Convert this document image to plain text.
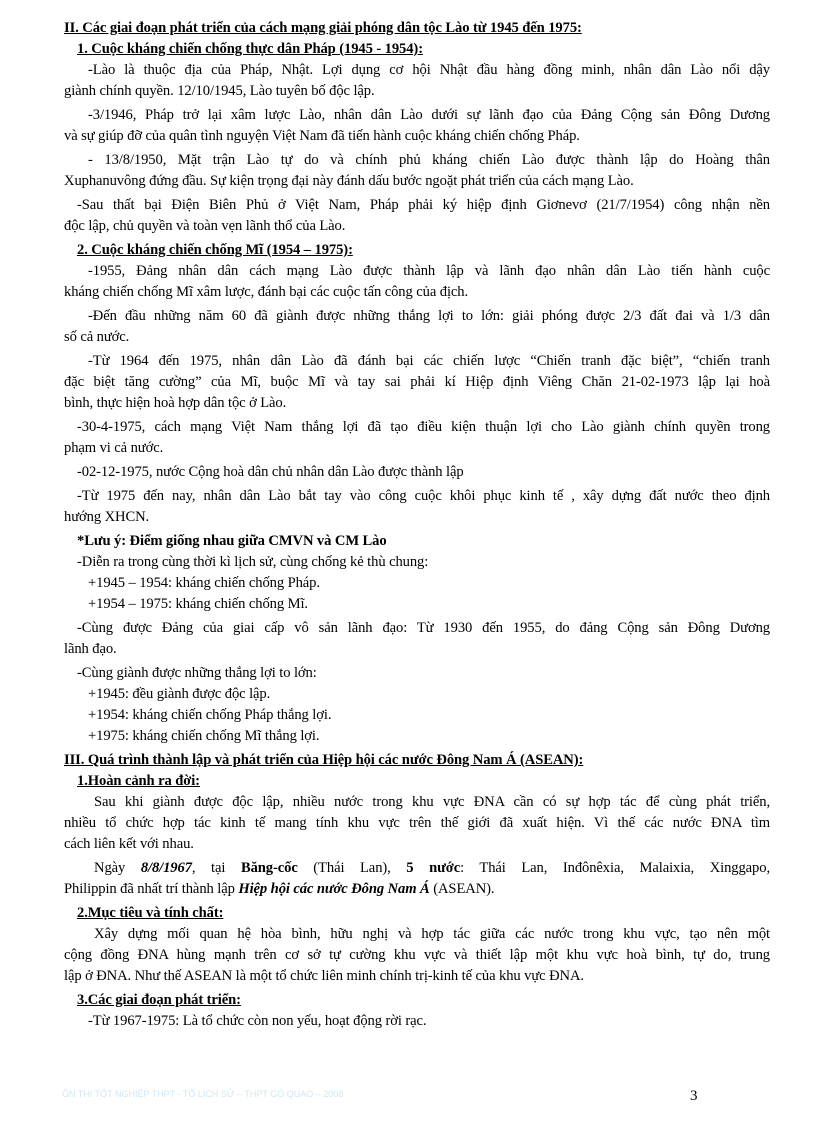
II. Các giai đoạn phát triển của cách mạng giải phóng dân tộc Lào từ 1945 đến 1975:

1. Cuộc kháng chiến chống thực dân Pháp (1945 - 1954):

-Lào là thuộc địa của Pháp, Nhật. Lợi dụng cơ hội Nhật đầu hàng đồng minh, nhân dân Lào nổi dậy

giành chính quyền. 12/10/1945, Lào tuyên bố độc lập.

-3/1946, Pháp trở lại xâm lược Lào, nhân dân Lào dưới sự lãnh đạo của Đảng Cộng sản Đông Dương

và sự giúp đỡ của quân tình nguyện Việt Nam đã tiến hành cuộc kháng chiến chống Pháp.

- 13/8/1950, Mặt trận Lào tự do và chính phủ kháng chiến Lào được thành lập do Hoàng thân

Xuphanuvông đứng đầu. Sự kiện trọng đại này đánh dấu bước ngoặt phát triển của cách mạng Lào.

-Sau thất bại Điện Biên Phủ ở Việt Nam, Pháp phải ký hiệp định Giơnevơ (21/7/1954) công nhận nền

độc lập, chủ quyền và toàn vẹn lãnh thổ của Lào.

2. Cuộc kháng chiến chống Mĩ (1954 – 1975):

-1955, Đảng nhân dân cách mạng Lào được thành lập và lãnh đạo nhân dân Lào tiến hành cuộc

kháng chiến chống Mĩ xâm lược, đánh bại các cuộc tấn công của địch.

-Đến đầu những năm 60 đã giành được những thắng lợi to lớn: giải phóng được 2/3 đất đai và 1/3 dân

số cả nước.

-Từ 1964 đến 1975, nhân dân Lào đã đánh bại các chiến lược “Chiến tranh đặc biệt”, “chiến tranh

đặc biệt tăng cường” của Mĩ, buộc Mĩ và tay sai phải kí Hiệp định Viêng Chăn 21-02-1973 lập lại hoà

bình, thực hiện hoà hợp dân tộc ở Lào.

-30-4-1975, cách mạng Việt Nam thắng lợi đã tạo điều kiện thuận lợi cho Lào giành chính quyền trong

phạm vi cả nước.

-02-12-1975, nước Cộng hoà dân chủ nhân dân Lào được thành lập

-Từ 1975 đến nay, nhân dân Lào bắt tay vào công cuộc khôi phục kinh tế , xây dựng đất nước theo định

hướng XHCN.

*Lưu ý: Điểm giống nhau giữa CMVN và CM Lào

-Diễn ra trong cùng thời kì lịch sử, cùng chống kẻ thù chung:

+1945 – 1954: kháng chiến chống Pháp.

+1954 – 1975: kháng chiến chống Mĩ.

-Cùng được Đảng của giai cấp vô sản lãnh đạo: Từ 1930 đến 1955, do đảng Cộng sản Đông Dương

lãnh đạo.

-Cùng giành được những thắng lợi to lớn:

+1945: đều giành được độc lập.

+1954: kháng chiến chống Pháp thắng lợi.

+1975: kháng chiến chống Mĩ thắng lợi.

III. Quá trình thành lập và phát triển của Hiệp hội các nước Đông Nam Á (ASEAN):

1.Hoàn cảnh ra đời:

Sau khi giành được độc lập, nhiều nước trong khu vực ĐNA cần có sự hợp tác để cùng phát triển,

nhiều tổ chức hợp tác kinh tế mang tính khu vực trên thế giới đã xuất hiện. Vì thế các nước ĐNA tìm

cách liên kết với nhau.

Ngày 8/8/1967, tại Băng-cốc (Thái Lan), 5 nước: Thái Lan, Inđônêxia, Malaixia, Xinggapo,

Philippin đã nhất trí thành lập Hiệp hội các nước Đông Nam Á (ASEAN).

2.Mục tiêu và tính chất:

Xây dựng mối quan hệ hòa bình, hữu nghị và hợp tác giữa các nước trong khu vực, tạo nên một

cộng đồng ĐNA hùng mạnh trên cơ sở tự cường khu vực và thiết lập một khu vực hoà bình, tự do, trung

lập ở ĐNA. Như thế ASEAN là một tổ chức liên minh chính trị-kinh tế của khu vực ĐNA.

3.Các giai đoạn phát triển:

-Từ 1967-1975: Là tổ chức còn non yếu, hoạt động rời rạc.

ÔN THI TỐT NGHIỆP THPT - TỔ LỊCH SỬ – THPT GÒ QUAO – 2008	3
